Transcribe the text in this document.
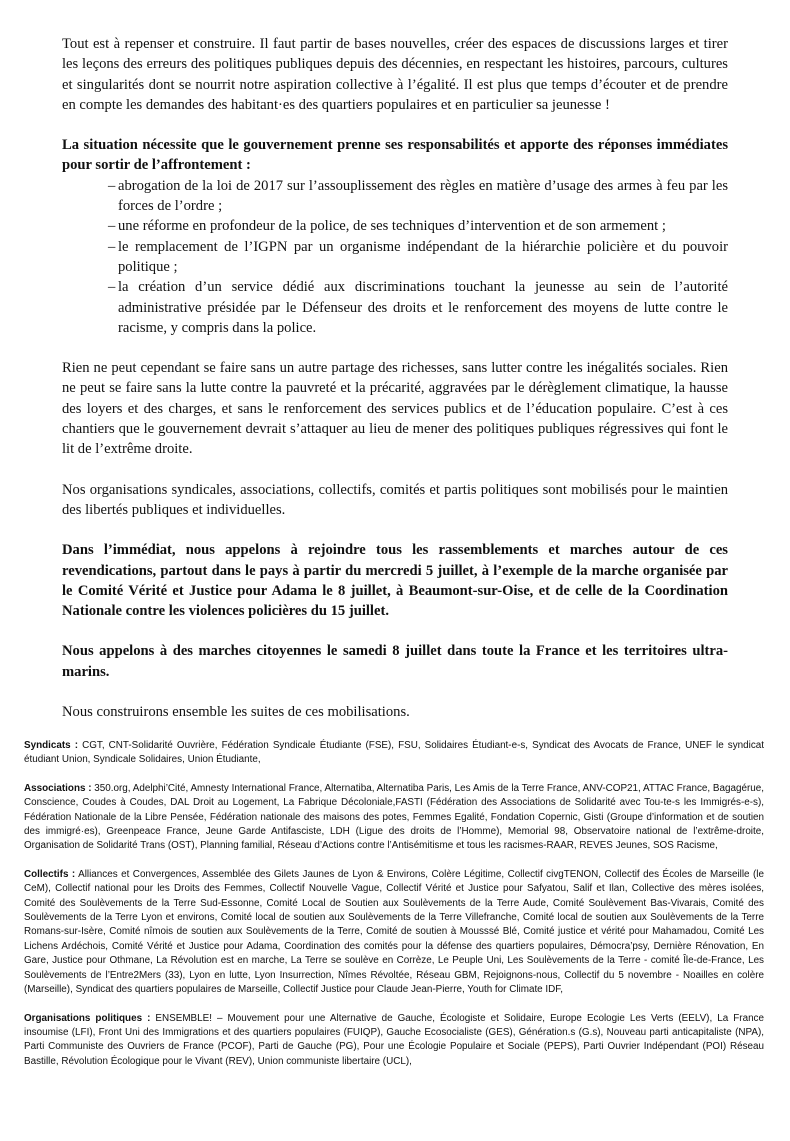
Tout est à repenser et construire. Il faut partir de bases nouvelles, créer des espaces de discussions larges et tirer les leçons des erreurs des politiques publiques depuis des décennies, en respectant les histoires, parcours, cultures et singularités dont se nourrit notre aspiration collective à l’égalité. Il est plus que temps d’écouter et de prendre en compte les demandes des habitant·es des quartiers populaires et en particulier sa jeunesse !

La situation nécessite que le gouvernement prenne ses responsabilités et apporte des réponses immédiates pour sortir de l’affrontement :

– abrogation de la loi de 2017 sur l’assouplissement des règles en matière d’usage des armes à feu par les forces de l’ordre ;
– une réforme en profondeur de la police, de ses techniques d’intervention et de son armement ;
– le remplacement de l’IGPN par un organisme indépendant de la hiérarchie policière et du pouvoir politique ;
– la création d’un service dédié aux discriminations touchant la jeunesse au sein de l’autorité administrative présidée par le Défenseur des droits et le renforcement des moyens de lutte contre le racisme, y compris dans la police.

Rien ne peut cependant se faire sans un autre partage des richesses, sans lutter contre les inégalités sociales. Rien ne peut se faire sans la lutte contre la pauvreté et la précarité, aggravées par le dérèglement climatique, la hausse des loyers et des charges, et sans le renforcement des services publics et de l’éducation populaire. C’est à ces chantiers que le gouvernement devrait s’attaquer au lieu de mener des politiques publiques régressives qui font le lit de l’extrême droite.

Nos organisations syndicales, associations, collectifs, comités et partis politiques sont mobilisés pour le maintien des libertés publiques et individuelles.

Dans l’immédiat, nous appelons à rejoindre tous les rassemblements et marches autour de ces revendications, partout dans le pays à partir du mercredi 5 juillet, à l’exemple de la marche organisée par le Comité Vérité et Justice pour Adama le 8 juillet, à Beaumont-sur-Oise, et de celle de la Coordination Nationale contre les violences policières du 15 juillet.

Nous appelons à des marches citoyennes le samedi 8 juillet dans toute la France et les territoires ultra-marins.

Nous construirons ensemble les suites de ces mobilisations.

Syndicats : CGT, CNT-Solidarité Ouvrière, Fédération Syndicale Étudiante (FSE), FSU, Solidaires Étudiant-e-s, Syndicat des Avocats de France, UNEF le syndicat étudiant Union, Syndicale Solidaires, Union Étudiante,

Associations : 350.org, Adelphi’Cité, Amnesty International France, Alternatiba, Alternatiba Paris, Les Amis de la Terre France, ANV-COP21, ATTAC France, Bagagérue, Conscience, Coudes à Coudes, DAL Droit au Logement, La Fabrique Décoloniale,FASTI (Fédération des Associations de Solidarité avec Tou-te-s les Immigrés-e-s), Fédération Nationale de la Libre Pensée, Fédération nationale des maisons des potes, Femmes Egalité, Fondation Copernic, Gisti (Groupe d’information et de soutien des immigré·es), Greenpeace France, Jeune Garde Antifasciste, LDH (Ligue des droits de l’Homme), Memorial 98, Observatoire national de l’extrême-droite, Organisation de Solidarité Trans (OST), Planning familial, Réseau d’Actions contre l’Antisémitisme et tous les racismes-RAAR, REVES Jeunes, SOS Racisme,

Collectifs : Alliances et Convergences, Assemblée des Gilets Jaunes de Lyon & Environs, Colère Légitime, Collectif civgTENON, Collectif des Écoles de Marseille (le CeM), Collectif national pour les Droits des Femmes, Collectif Nouvelle Vague, Collectif Vérité et Justice pour Safyatou, Salif et Ilan, Collective des mères isolées, Comité des Soulèvements de la Terre Sud-Essonne, Comité Local de Soutien aux Soulèvements de la Terre Aude, Comité Soulèvement Bas-Vivarais, Comité des Soulèvements de la Terre Lyon et environs, Comité local de soutien aux Soulèvements de la Terre Villefranche, Comité local de soutien aux Soulèvements de la Terre Romans-sur-Isère, Comité nîmois de soutien aux Soulèvements de la Terre, Comité de soutien à Mousssé Blé, Comité justice et vérité pour Mahamadou, Comité Les Lichens Ardéchois, Comité Vérité et Justice pour Adama, Coordination des comités pour la défense des quartiers populaires, Démocra’psy, Dernière Rénovation, En Gare, Justice pour Othmane, La Révolution est en marche, La Terre se soulève en Corrèze, Le Peuple Uni, Les Soulèvements de la Terre - comité Île-de-France, Les Soulèvements de l’Entre2Mers (33), Lyon en lutte, Lyon Insurrection, Nîmes Révoltée, Réseau GBM, Rejoignons-nous, Collectif du 5 novembre - Noailles en colère (Marseille), Syndicat des quartiers populaires de Marseille, Collectif Justice pour Claude Jean-Pierre, Youth for Climate IDF,

Organisations politiques : ENSEMBLE! – Mouvement pour une Alternative de Gauche, Écologiste et Solidaire, Europe Ecologie Les Verts (EELV), La France insoumise (LFI), Front Uni des Immigrations et des quartiers populaires (FUIQP), Gauche Ecosocialiste (GES), Génération.s (G.s), Nouveau parti anticapitaliste (NPA), Parti Communiste des Ouvriers de France (PCOF), Parti de Gauche (PG), Pour une Écologie Populaire et Sociale (PEPS), Parti Ouvrier Indépendant (POI) Réseau Bastille, Révolution Écologique pour le Vivant (REV), Union communiste libertaire (UCL),
